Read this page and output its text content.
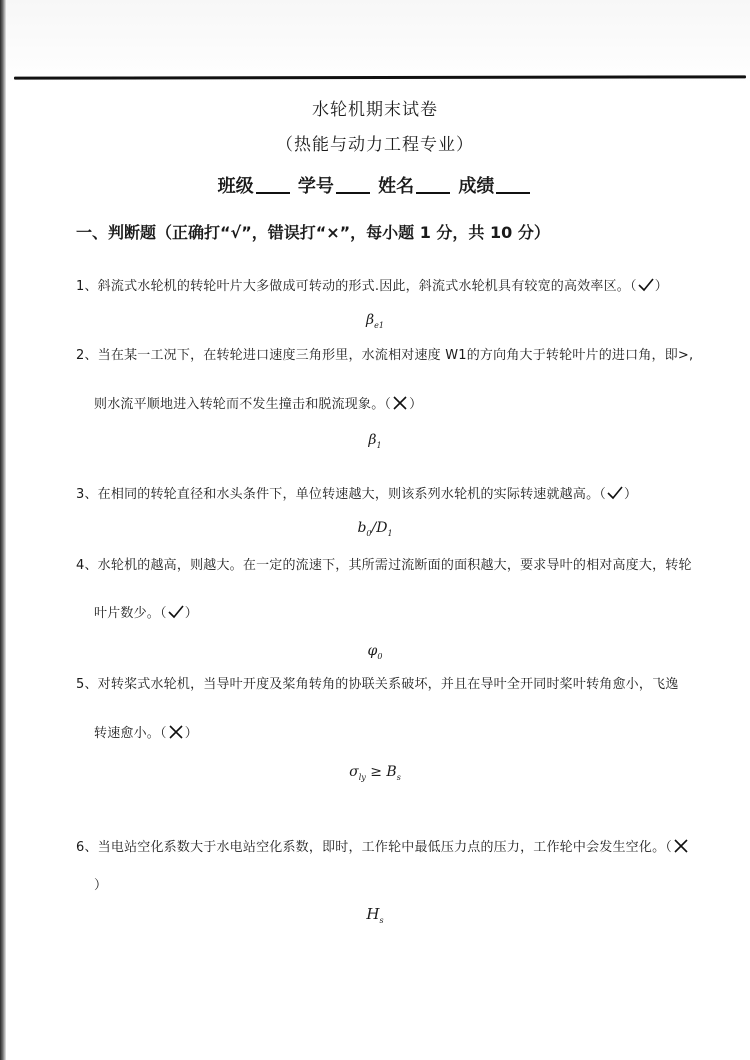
水轮机期末试卷
（热能与动力工程专业）
班级 学号 姓名 成绩
一、判断题（正确打“√”，错误打“×”，每小题 1 分，共 10 分）
1、斜流式水轮机的转轮叶片大多做成可转动的形式.因此，斜流式水轮机具有较宽的高效率区。（ ）
$\beta_{e1}$
2、当在某一工况下，在转轮进口速度三角形里，水流相对速度 W1的方向角大于转轮叶片的进口角，即>,
则水流平顺地进入转轮而不发生撞击和脱流现象。（ ）
$\beta_1$
3、在相同的转轮直径和水头条件下，单位转速越大，则该系列水轮机的实际转速就越高。（ ）
$b_0/D_1$
4、水轮机的越高，则越大。在一定的流速下，其所需过流断面的面积越大，要求导叶的相对高度大，转轮
叶片数少。（ ）
$\varphi_0$
5、对转桨式水轮机，当导叶开度及桨角转角的协联关系破坏，并且在导叶全开同时桨叶转角愈小，飞逸
转速愈小。（ ）
$\sigma_{ly} \ge B_s$
6、当电站空化系数大于水电站空化系数，即时，工作轮中最低压力点的压力，工作轮中会发生空化。（
）
$H_s$
